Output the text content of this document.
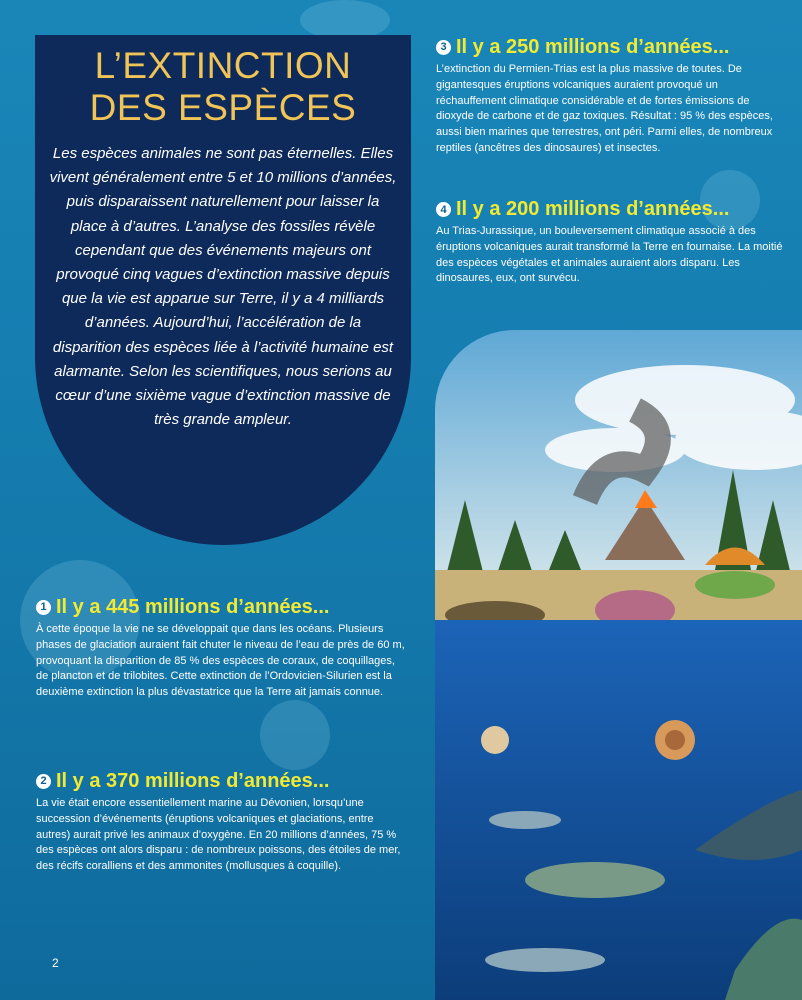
L’EXTINCTION
DES ESPÈCES

Les espèces animales ne sont pas éternelles. Elles vivent généralement entre 5 et 10 millions d’années, puis disparaissent naturellement pour laisser la place à d’autres. L’analyse des fossiles révèle cependant que des événements majeurs ont provoqué cinq vagues d’extinction massive depuis que la vie est apparue sur Terre, il y a 4 milliards d’années. Aujourd’hui, l’accélération de la disparition des espèces liée à l’activité humaine est alarmante. Selon les scientifiques, nous serions au cœur d’une sixième vague d’extinction massive de très grande ampleur.

1 Il y a 445 millions d’années...

À cette époque la vie ne se développait que dans les océans. Plusieurs phases de glaciation auraient fait chuter le niveau de l’eau de près de 60 m, provoquant la disparition de 85 % des espèces de coraux, de coquillages, de plancton et de trilobites. Cette extinction de l’Ordovicien-Silurien est la deuxième extinction la plus dévastatrice que la Terre ait jamais connue.

2 Il y a 370 millions d’années...

La vie était encore essentiellement marine au Dévonien, lorsqu’une succession d’événements (éruptions volcaniques et glaciations, entre autres) aurait privé les animaux d’oxygène. En 20 millions d’années, 75 % des espèces ont alors disparu : de nombreux poissons, des étoiles de mer, des récifs coralliens et des ammonites (mollusques à coquille).

3 Il y a 250 millions d’années...

L’extinction du Permien-Trias est la plus massive de toutes. De gigantesques éruptions volcaniques auraient provoqué un réchauffement climatique considérable et de fortes émissions de dioxyde de carbone et de gaz toxiques. Résultat : 95 % des espèces, aussi bien marines que terrestres, ont péri. Parmi elles, de nombreux reptiles (ancêtres des dinosaures) et insectes.

4 Il y a 200 millions d’années...

Au Trias-Jurassique, un bouleversement climatique associé à des éruptions volcaniques aurait transformé la Terre en fournaise. La moitié des espèces végétales et animales auraient alors disparu. Les dinosaures, eux, ont survécu.

2
